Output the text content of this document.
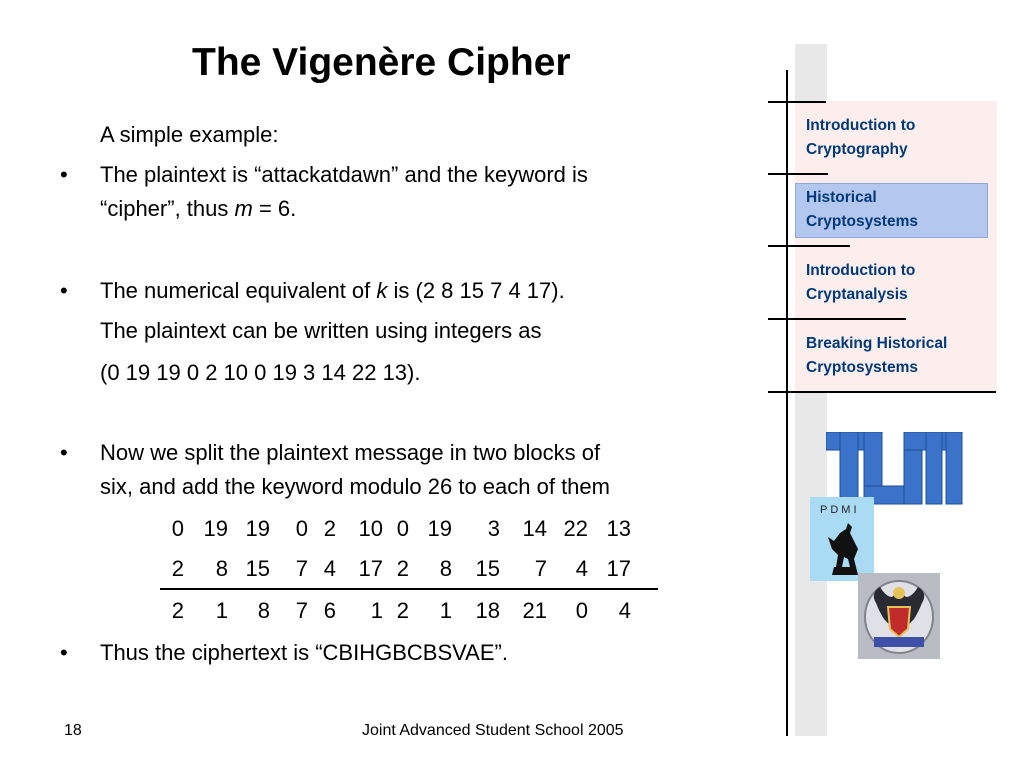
The Vigenère Cipher
A simple example:
• The plaintext is “attackatdawn” and the keyword is
“cipher”, thus m = 6.
• The numerical equivalent of k is (2 8 15 7 4 17).
The plaintext can be written using integers as
(0 19 19 0 2 10 0 19 3 14 22 13).
• Now we split the plaintext message in two blocks of
six, and add the keyword modulo 26 to each of them
• Thus the ciphertext is “CBIHGBCBSVAE”.
0 19 19	0 2	10 0 19	3	14 22 13
2	8 15	7 4	17 2	8	15	7	4 17
2	1	8	7 6	1 2	1	18	21	0	4
18	Joint Advanced Student School 2005
Introduction to
Cryptography
Historical
Cryptosystems
Introduction to
Cryptanalysis
Breaking Historical
Cryptosystems
PDMI
